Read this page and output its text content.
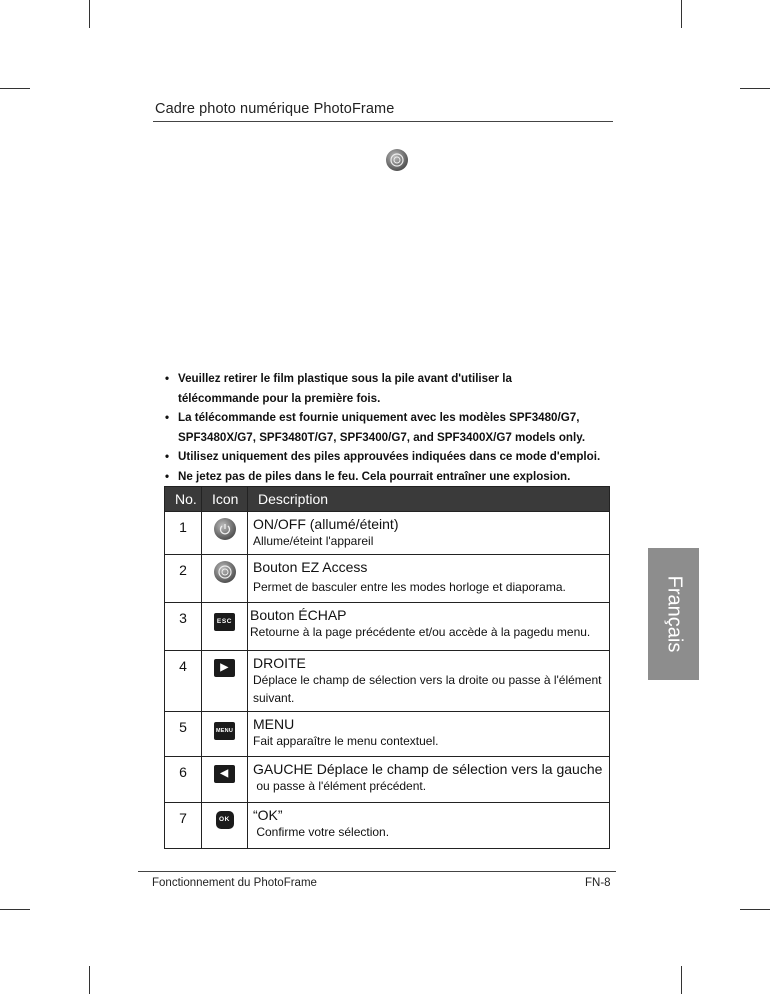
Cadre photo numérique PhotoFrame
• Veuillez retirer le film plastique sous la pile avant d'utiliser la télécommande pour la première fois.
• La télécommande est fournie uniquement avec les modèles SPF3480/G7, SPF3480X/G7, SPF3480T/G7, SPF3400/G7, and SPF3400X/G7 models only.
• Utilisez uniquement des piles approuvées indiquées dans ce mode d'emploi.
• Ne jetez pas de piles dans le feu. Cela pourrait entraîner une explosion.
No.	Icon	Description
1		ON/OFF (allumé/éteint)
Allume/éteint l'appareil

2		Bouton EZ Access
Permet de basculer entre les modes horloge et diaporama.

3	ESC	Bouton ÉCHAP
Retourne à la page précédente et/ou accède à la pagedu menu.

4	▶	DROITE
Déplace le champ de sélection vers la droite ou passe à l'élément suivant.

5	MENU	MENU
Fait apparaître le menu contextuel.

6	◀	GAUCHE Déplace le champ de sélection vers la gauche
ou passe à l'élément précédent.

7	OK	“OK”
Confirme votre sélection.
Français
Fonctionnement du PhotoFrame	FN-8
